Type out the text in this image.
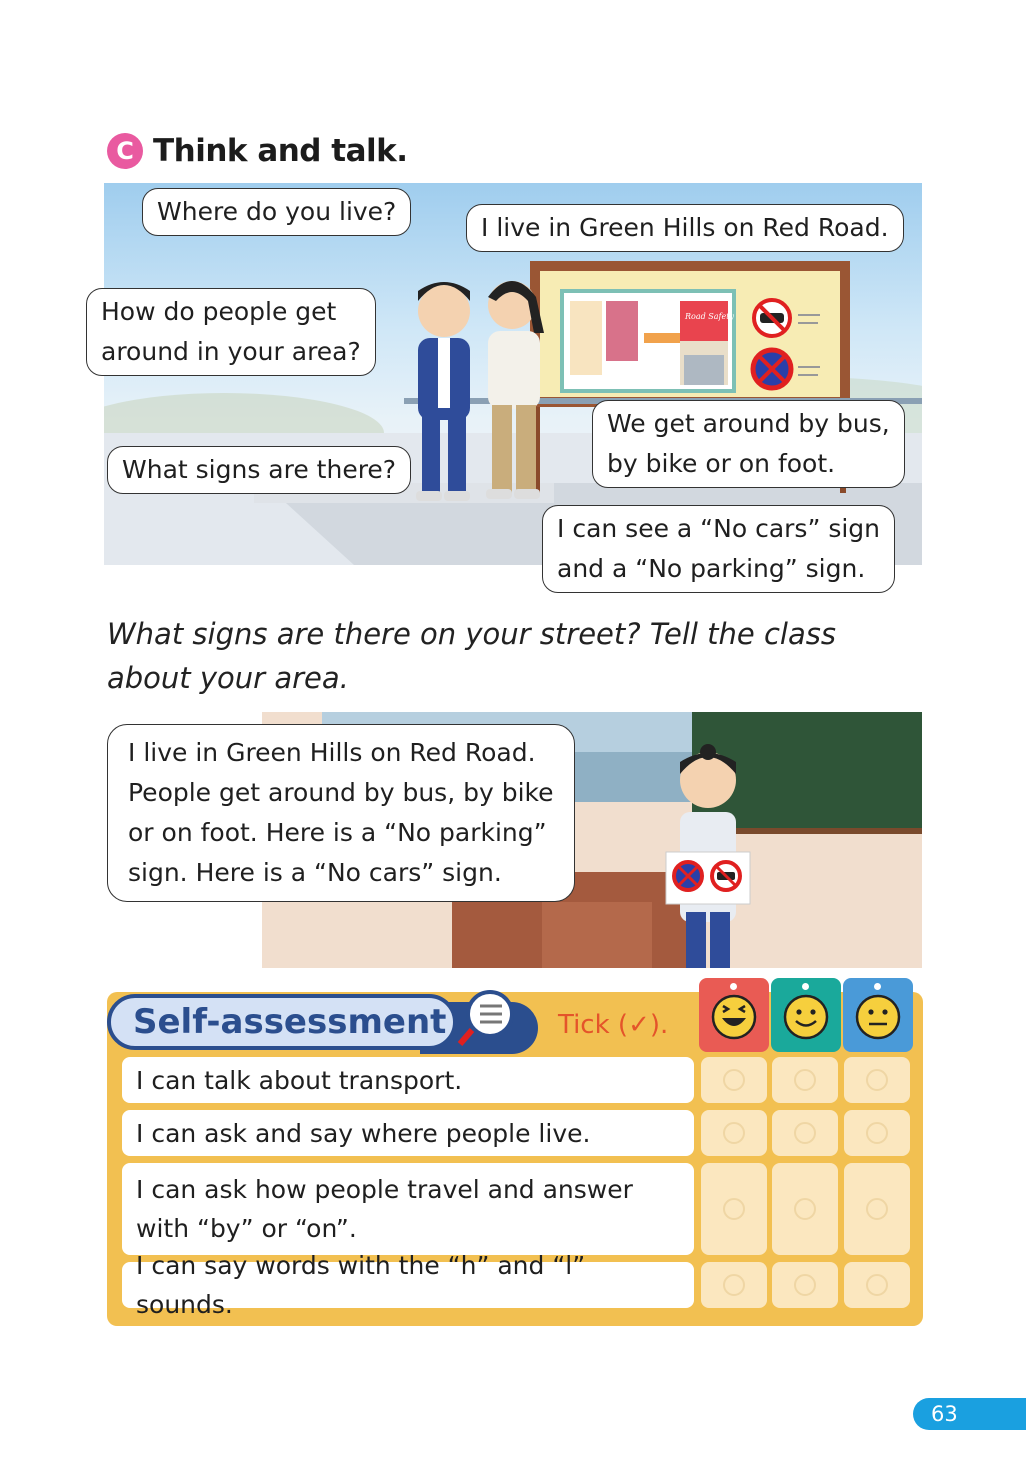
C Think and talk.
Road Safety
Where do you live?
I live in Green Hills on Red Road.
How do people get
around in your area?
What signs are there?
We get around by bus,
by bike or on foot.
I can see a “No cars” sign
and a “No parking” sign.
What signs are there on your street? Tell the class
about your area.
I live in Green Hills on Red Road.
People get around by bus, by bike
or on foot. Here is a “No parking”
sign. Here is a “No cars” sign.
Self-assessment	Tick (✓).
I can talk about transport.
I can ask and say where people live.
I can ask how people travel and answer
with “by” or “on”.
I can say words with the “h” and “l” sounds.
63
